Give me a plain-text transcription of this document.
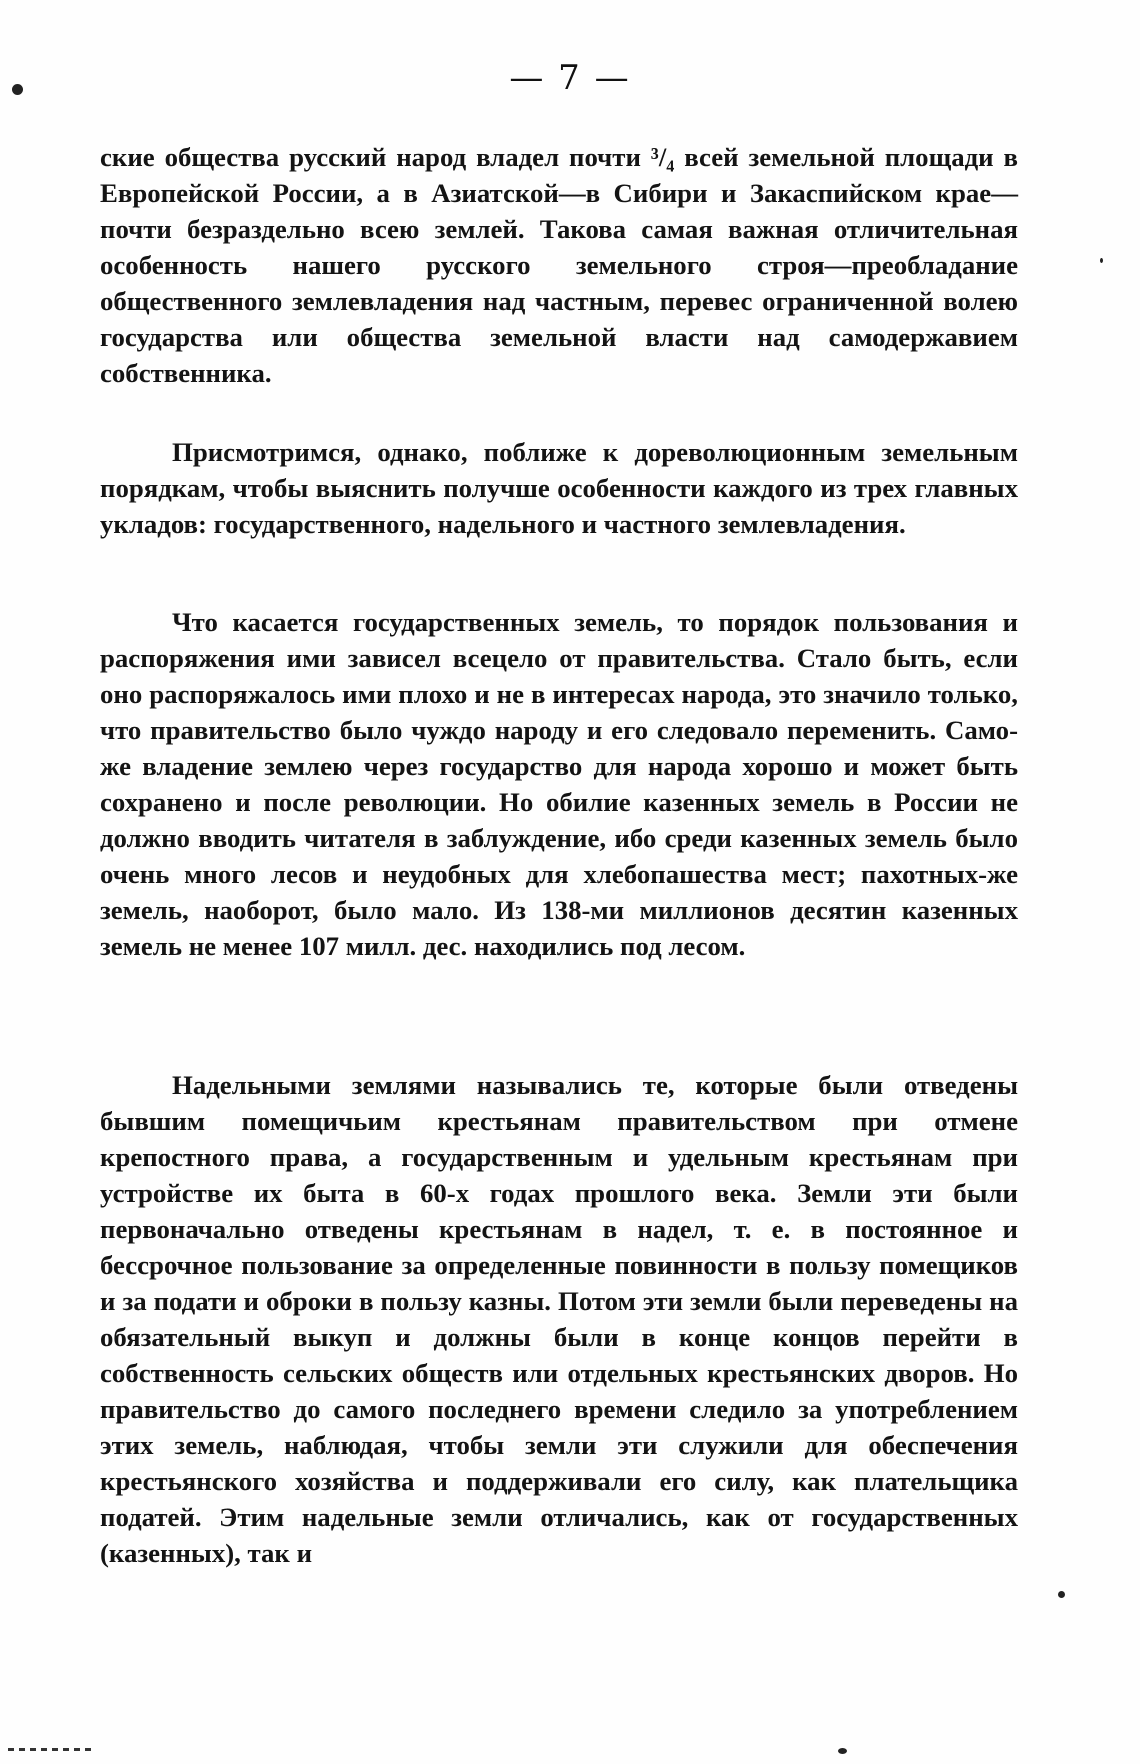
— 7 —

ские общества русский народ владел почти ³/₄ всей земельной площади в Европейской России, а в Азиатской—в Сибири и Закаспийском крае—почти безраздельно всею землей. Такова самая важная отличительная особенность нашего русского земельного строя—преобладание общественного землевладения над частным, перевес ограниченной волею государства или общества земельной власти над самодержавием собственника.

Присмотримся, однако, поближе к дореволюционным земельным порядкам, чтобы выяснить получше особенности каждого из трех главных укладов: государственного, надельного и частного землевладения.

Что касается государственных земель, то порядок пользования и распоряжения ими зависел всецело от правительства. Стало быть, если оно распоряжалось ими плохо и не в интересах народа, это значило только, что правительство было чуждо народу и его следовало переменить. Само-же владение землею через государство для народа хорошо и может быть сохранено и после революции. Но обилие казенных земель в России не должно вводить читателя в заблуждение, ибо среди казенных земель было очень много лесов и неудобных для хлебопашества мест; пахотных-же земель, наоборот, было мало. Из 138-ми миллионов десятин казенных земель не менее 107 милл. дес. находились под лесом.

Надельными землями назывались те, которые были отведены бывшим помещичьим крестьянам правительством при отмене крепостного права, а государственным и удельным крестьянам при устройстве их быта в 60-х годах прошлого века. Земли эти были первоначально отведены крестьянам в надел, т. е. в постоянное и бессрочное пользование за определенные повинности в пользу помещиков и за подати и оброки в пользу казны. Потом эти земли были переведены на обязательный выкуп и должны были в конце концов перейти в собственность сельских обществ или отдельных крестьянских дворов. Но правительство до самого последнего времени следило за употреблением этих земель, наблюдая, чтобы земли эти служили для обеспечения крестьянского хозяйства и поддерживали его силу, как плательщика податей. Этим надельные земли отличались, как от государственных (казенных), так и
